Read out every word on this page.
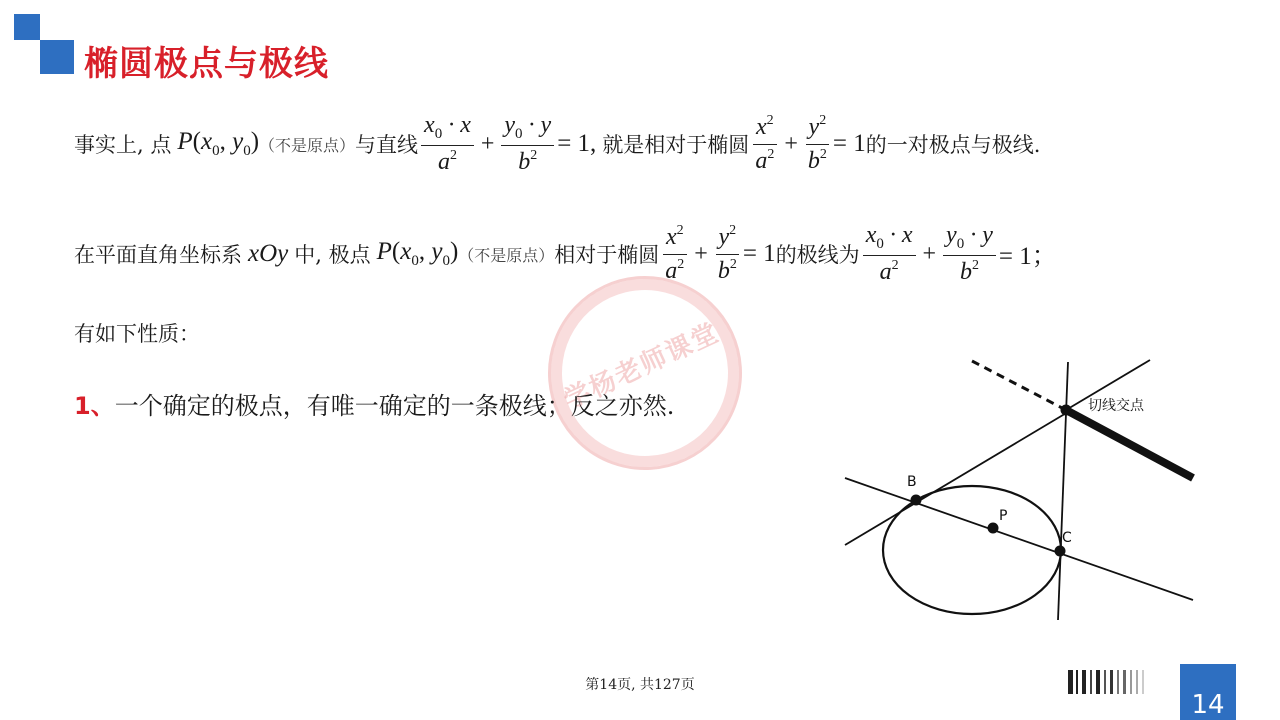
椭圆极点与极线
事实上, 点 $P(x_0$, $y_0$) （不是原点） 与直线 $\frac{x_0 \cdot x}{a^2} + \frac{y_0 \cdot y}{b^2} = 1$, 就是相对于椭圆 $\frac{x^2}{a^2} + \frac{y^2}{b^2} = 1$ 的一对极点与极线.
在平面直角坐标系 xOy 中, 极点 $P(x_0$, $y_0$) （不是原点） 相对于椭圆 $\frac{x^2}{a^2} + \frac{y^2}{b^2} = 1$ 的极线为 $\frac{x_0 \cdot x}{a^2} + \frac{y_0 \cdot y}{b^2} = 1$；
有如下性质：	学杨老师课堂
1、一个确定的极点，有唯一确定的一条极线；反之亦然.
B
P
C
切线交点
第14页, 共127页
14
